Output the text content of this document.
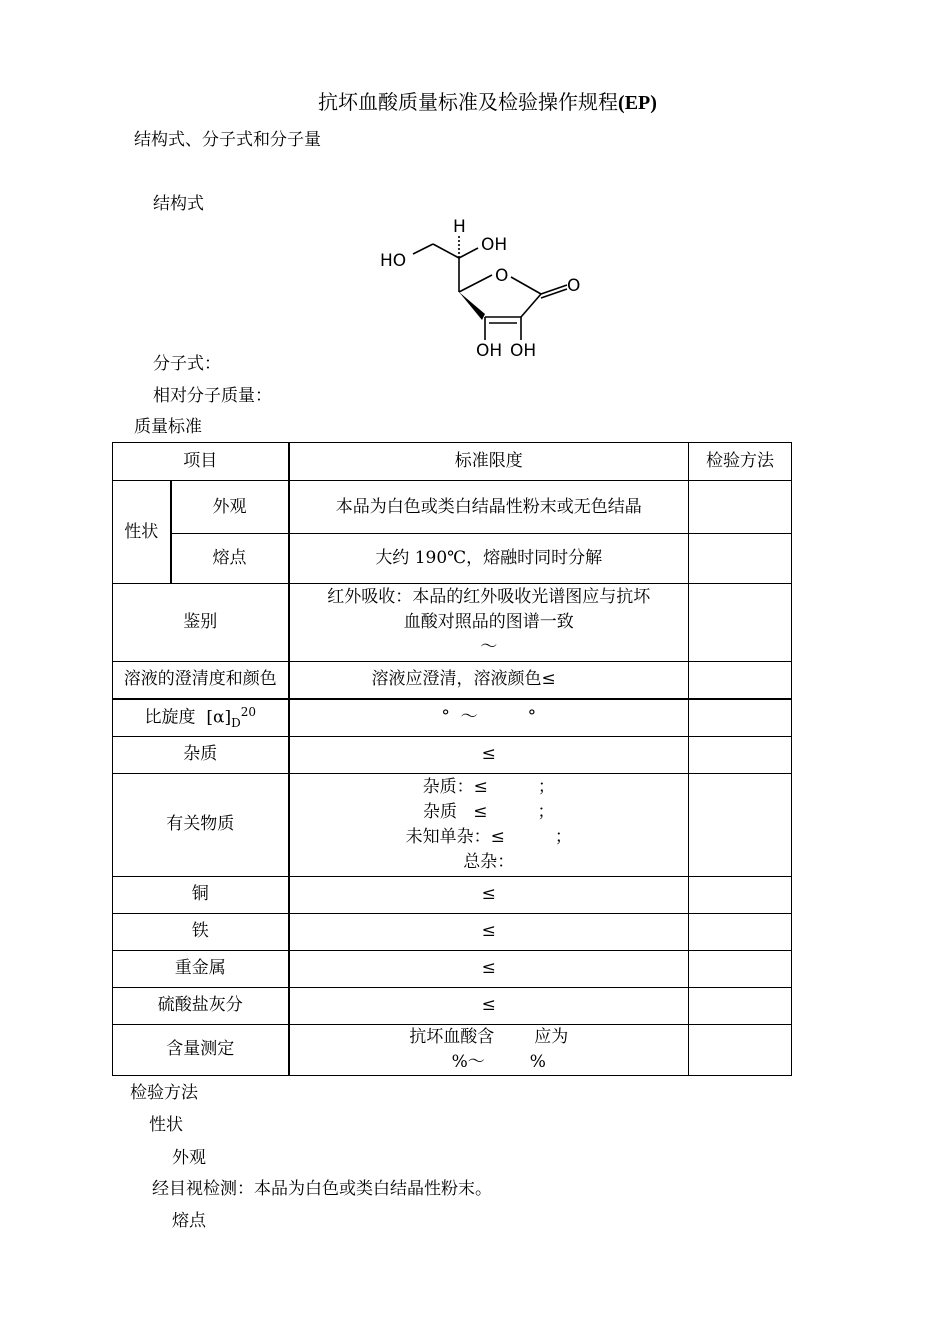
抗坏血酸质量标准及检验操作规程(EP)
结构式、分子式和分子量
结构式
H
OH
HO
O	O
OH OH
分子式：
相对分子质量：
质量标准
项目		标准限度	检验方法
性状	外观	本品为白色或类白结晶性粉末或无色结晶	
	熔点	大约 190℃，熔融时同时分解	
鉴别		红外吸收：本品的红外吸收光谱图应与抗坏
血酸对照品的图谱一致
～	

溶液的澄清度和颜色		溶液应澄清，溶液颜色≤	
比旋度 $[\alpha]_D^{20}$		° ～ °	
杂质		≤	
有关物质		杂质：≤ ；
杂质 ≤ ；
未知单杂：≤ ；
总杂：	

铜		≤	
铁		≤	
重金属		≤	
硫酸盐灰分		≤	
含量测定		抗坏血酸含 应为
%～ %	

检验方法
性状
外观
经目视检测：本品为白色或类白结晶性粉末。
熔点
